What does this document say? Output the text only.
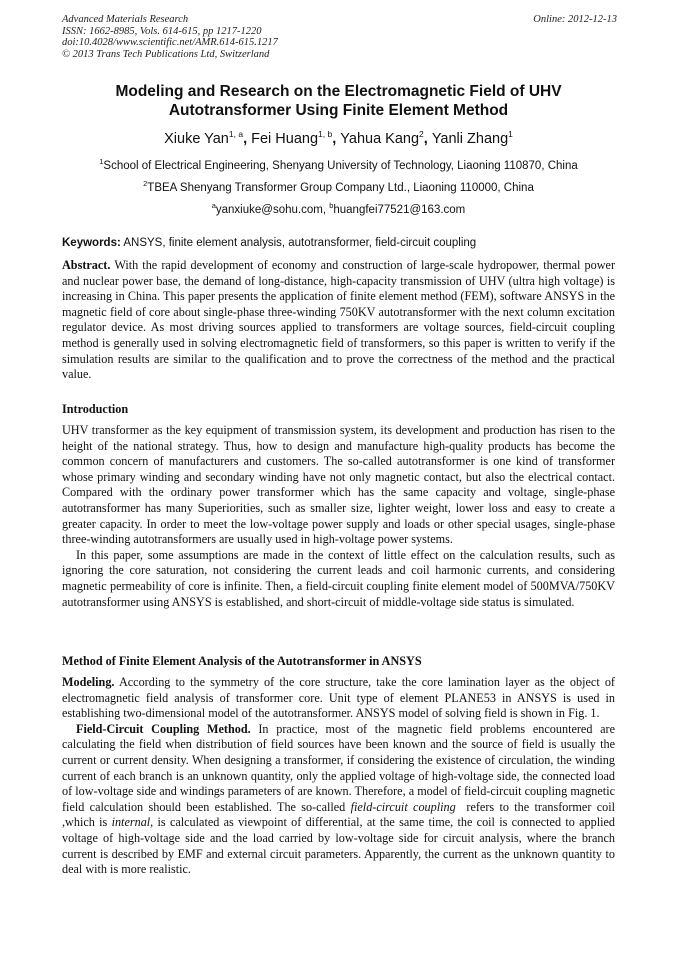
Advanced Materials Research
ISSN: 1662-8985, Vols. 614-615, pp 1217-1220
doi:10.4028/www.scientific.net/AMR.614-615.1217
© 2013 Trans Tech Publications Ltd, Switzerland
Online: 2012-12-13
Modeling and Research on the Electromagnetic Field of UHV
Autotransformer Using Finite Element Method
Xiuke Yan$^{1, a}$, Fei Huang$^{1, b}$, Yahua Kang$^2$, Yanli Zhang$^1$
$^1$School of Electrical Engineering, Shenyang University of Technology, Liaoning 110870, China
$^2$TBEA Shenyang Transformer Group Company Ltd., Liaoning 110000, China
$^a$yanxiuke@sohu.com, $^b$huangfei77521@163.com
Keywords: ANSYS, finite element analysis, autotransformer, field-circuit coupling

Abstract. With the rapid development of economy and construction of large-scale hydropower, thermal power and nuclear power base, the demand of long-distance, high-capacity transmission of UHV (ultra high voltage) is increasing in China. This paper presents the application of finite element method (FEM), software ANSYS in the magnetic field of core about single-phase three-winding 750KV autotransformer with the next column excitation regulator device. As most driving sources applied to transformers are voltage sources, field-circuit coupling method is generally used in solving electromagnetic field of transformers, so this paper is written to verify if the simulation results are similar to the qualification and to prove the correctness of the method and the practical value.

Introduction

UHV transformer as the key equipment of transmission system, its development and production has risen to the height of the national strategy. Thus, how to design and manufacture high-quality products has become the common concern of manufacturers and customers. The so-called autotransformer is one kind of transformer whose primary winding and secondary winding have not only magnetic contact, but also the electrical contact. Compared with the ordinary power transformer which has the same capacity and voltage, single-phase autotransformer has many Superiorities, such as smaller size, lighter weight, lower loss and easy to create a greater capacity. In order to meet the low-voltage power supply and loads or other special usages, single-phase three-winding autotransformers are usually used in high-voltage power systems.

In this paper, some assumptions are made in the context of little effect on the calculation results, such as ignoring the core saturation, not considering the current leads and coil harmonic currents, and considering magnetic permeability of core is infinite. Then, a field-circuit coupling finite element model of 500MVA/750KV autotransformer using ANSYS is established, and short-circuit of middle-voltage side status is simulated.

Method of Finite Element Analysis of the Autotransformer in ANSYS

Modeling. According to the symmetry of the core structure, take the core lamination layer as the object of electromagnetic field analysis of transformer core. Unit type of element PLANE53 in ANSYS is used in establishing two-dimensional model of the autotransformer. ANSYS model of solving field is shown in Fig. 1.

Field-Circuit Coupling Method. In practice, most of the magnetic field problems encountered are calculating the field when distribution of field sources have been known and the source of field is usually the current or current density. When designing a transformer, if considering the existence of circulation, the winding current of each branch is an unknown quantity, only the applied voltage of high-voltage side, the connected load of low-voltage side and windings parameters of are known. Therefore, a model of field-circuit coupling magnetic field calculation should been established. The so-called field-circuit coupling refers to the transformer coil ,which is internal, is calculated as viewpoint of differential, at the same time, the coil is connected to applied voltage of high-voltage side and the load carried by low-voltage side for circuit analysis, where the branch current is described by EMF and external circuit parameters. Apparently, the current as the unknown quantity to deal with is more realistic.
